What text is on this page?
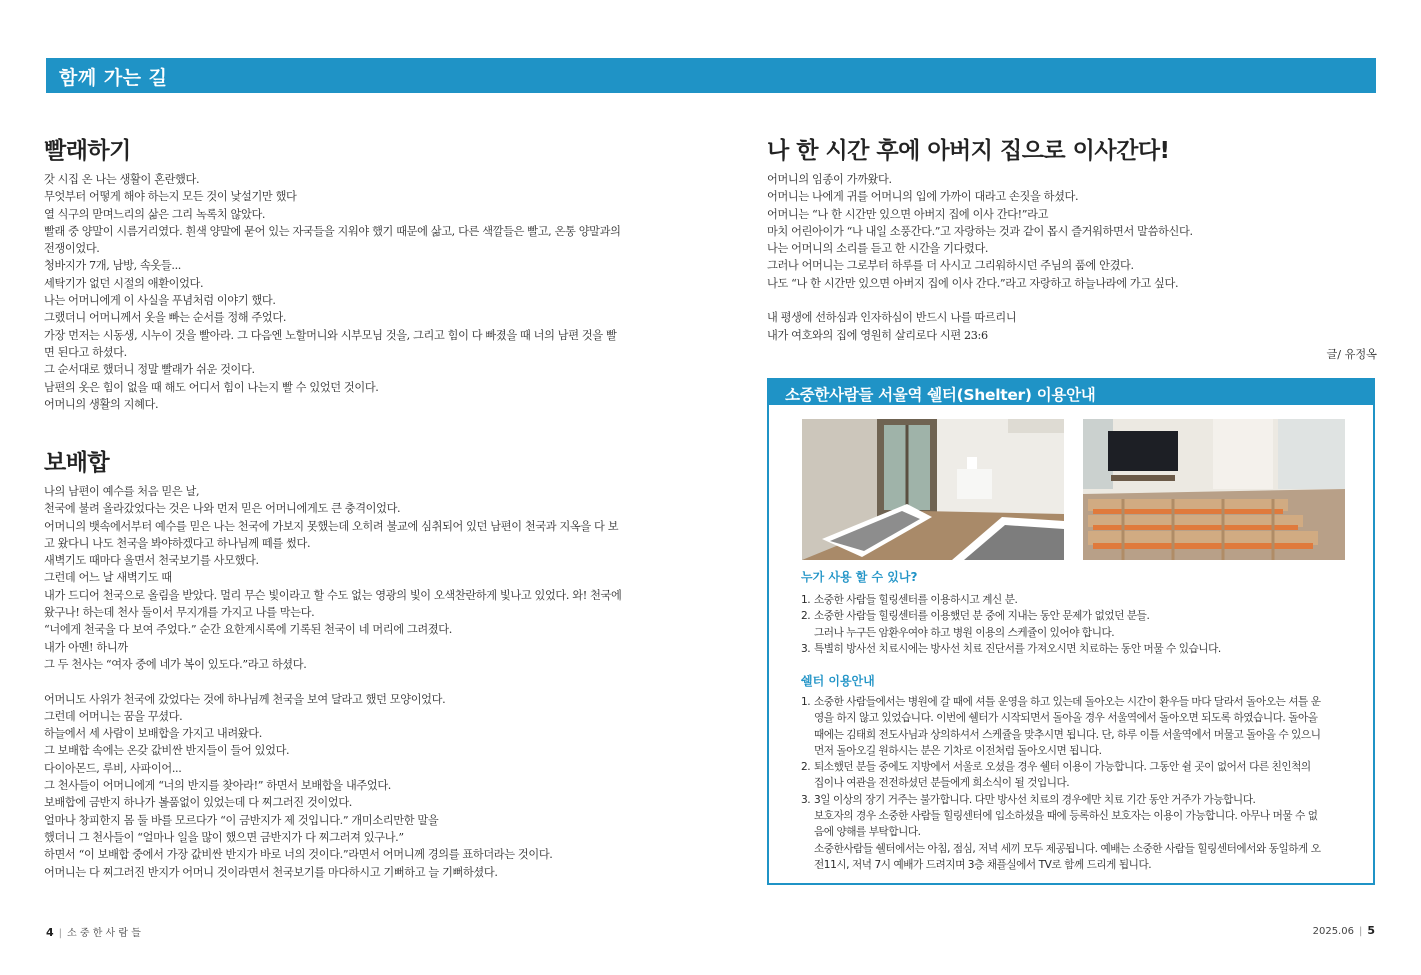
함께 가는 길
빨래하기

갓 시집 온 나는 생활이 혼란했다.

무엇부터 어떻게 해야 하는지 모든 것이 낯설기만 했다

열 식구의 맏며느리의 삶은 그리 녹록치 않았다.

빨래 중 양말이 시름거리였다. 흰색 양말에 묻어 있는 자국들을 지워야 했기 때문에 삶고, 다른 색깔들은 빨고, 온통 양말과의

전쟁이었다.

청바지가 7개, 남방, 속옷들...

세탁기가 없던 시절의 애환이었다.

나는 어머니에게 이 사실을 푸념처럼 이야기 했다.

그랬더니 어머니께서 옷을 빠는 순서를 정해 주었다.

가장 먼저는 시동생, 시누이 것을 빨아라. 그 다음엔 노할머니와 시부모님 것을, 그리고 힘이 다 빠졌을 때 너의 남편 것을 빨

면 된다고 하셨다.

그 순서대로 했더니 정말 빨래가 쉬운 것이다.

남편의 옷은 힘이 없을 때 해도 어디서 힘이 나는지 빨 수 있었던 것이다.

어머니의 생활의 지혜다.

보배합

나의 남편이 예수를 처음 믿은 날,

천국에 불려 올라갔었다는 것은 나와 먼저 믿은 어머니에게도 큰 충격이었다.

어머니의 뱃속에서부터 예수를 믿은 나는 천국에 가보지 못했는데 오히려 불교에 심취되어 있던 남편이 천국과 지옥을 다 보

고 왔다니 나도 천국을 봐야하겠다고 하나님께 떼를 썼다.

새벽기도 때마다 울면서 천국보기를 사모했다.

그런데 어느 날 새벽기도 때

내가 드디어 천국으로 올림을 받았다. 멀리 무슨 빛이라고 할 수도 없는 영광의 빛이 오색찬란하게 빛나고 있었다. 와! 천국에

왔구나! 하는데 천사 둘이서 무지개를 가지고 나를 막는다.

“너에게 천국을 다 보여 주었다.” 순간 요한계시록에 기록된 천국이 네 머리에 그려졌다.

내가 아멘! 하니까

그 두 천사는 “여자 중에 네가 복이 있도다.”라고 하셨다.

어머니도 사위가 천국에 갔었다는 것에 하나님께 천국을 보여 달라고 했던 모양이었다.

그런데 어머니는 꿈을 꾸셨다.

하늘에서 세 사람이 보배합을 가지고 내려왔다.

그 보배합 속에는 온갖 값비싼 반지들이 들어 있었다.

다이아몬드, 루비, 사파이어...

그 천사들이 어머니에게 “너의 반지를 찾아라!” 하면서 보배합을 내주었다.

보배합에 금반지 하나가 볼품없이 있었는데 다 찌그러진 것이었다.

얼마나 창피한지 몸 둘 바를 모르다가 “이 금반지가 제 것입니다.” 개미소리만한 말을

했더니 그 천사들이 “얼마나 일을 많이 했으면 금반지가 다 찌그러져 있구나.”

하면서 “이 보배합 중에서 가장 값비싼 반지가 바로 너의 것이다.”라면서 어머니께 경의를 표하더라는 것이다.

어머니는 다 찌그러진 반지가 어머니 것이라면서 천국보기를 마다하시고 기뻐하고 늘 기뻐하셨다.

나 한 시간 후에 아버지 집으로 이사간다!

어머니의 임종이 가까왔다.

어머니는 나에게 귀를 어머니의 입에 가까이 대라고 손짓을 하셨다.

어머니는 “나 한 시간만 있으면 아버지 집에 이사 간다!”라고

마치 어린아이가 “나 내일 소풍간다.”고 자랑하는 것과 같이 몹시 즐거워하면서 말씀하신다.

나는 어머니의 소리를 듣고 한 시간을 기다렸다.

그러나 어머니는 그로부터 하루를 더 사시고 그리워하시던 주님의 품에 안겼다.

나도 “나 한 시간만 있으면 아버지 집에 이사 간다.”라고 자랑하고 하늘나라에 가고 싶다.

내 평생에 선하심과 인자하심이 반드시 나를 따르리니

내가 여호와의 집에 영원히 살리로다 시편 23:6

글/ 유정옥
소중한사람들 서울역 쉘터(Shelter) 이용안내
누가 사용 할 수 있나?
1. 소중한 사람들 힐링센터를 이용하시고 계신 분.
2. 소중한 사람들 힐링센터를 이용했던 분 중에 지내는 동안 문제가 없었던 분들.
그러나 누구든 암환우여야 하고 병원 이용의 스케쥴이 있어야 합니다.
3. 특별히 방사선 치료시에는 방사선 치료 진단서를 가져오시면 치료하는 동안 머물 수 있습니다.
쉘터 이용안내
1. 소중한 사람들에서는 병원에 갈 때에 셔틀 운영을 하고 있는데 돌아오는 시간이 환우들 마다 달라서 돌아오는 셔틀 운
영을 하지 않고 있었습니다. 이번에 쉘터가 시작되면서 돌아올 경우 서울역에서 돌아오면 되도록 하였습니다. 돌아올
때에는 김태희 전도사님과 상의하셔서 스케쥴을 맞추시면 됩니다. 단, 하루 이틀 서울역에서 머물고 돌아올 수 있으니
먼저 돌아오길 원하시는 분은 기차로 이전처럼 돌아오시면 됩니다.
2. 퇴소했던 분들 중에도 지방에서 서울로 오셨을 경우 쉘터 이용이 가능합니다. 그동안 쉴 곳이 없어서 다른 친인척의
집이나 여관을 전전하셨던 분들에게 희소식이 될 것입니다.
3. 3일 이상의 장기 거주는 불가합니다. 다만 방사선 치료의 경우에만 치료 기간 동안 거주가 가능합니다.
보호자의 경우 소중한 사람들 힐링센터에 입소하셨을 때에 등록하신 보호자는 이용이 가능합니다. 아무나 머물 수 없
음에 양해를 부탁합니다.
소중한사람들 쉘터에서는 아침, 점심, 저녁 세끼 모두 제공됩니다. 예배는 소중한 사람들 힐링센터에서와 동일하게 오
전11시, 저녁 7시 예배가 드려지며 3층 채플실에서 TV로 함께 드리게 됩니다.
4 | 소 중 한 사 람 들	2025.06 | 5
